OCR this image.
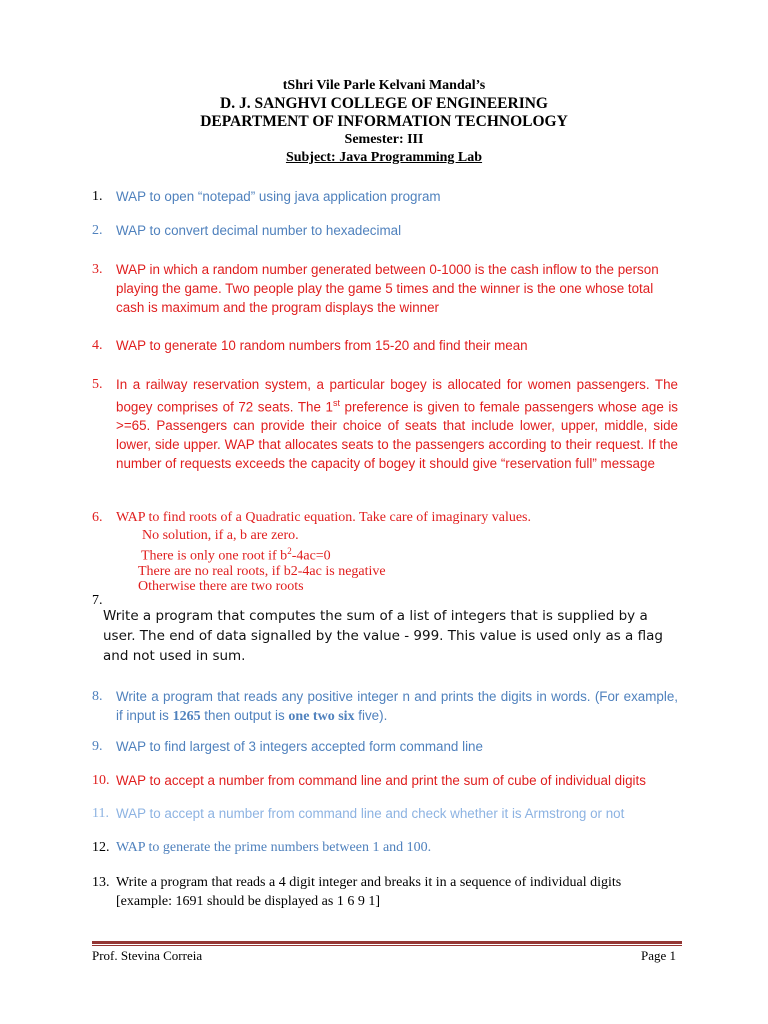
tShri Vile Parle Kelvani Mandal’s
D. J. SANGHVI COLLEGE OF ENGINEERING
DEPARTMENT OF INFORMATION TECHNOLOGY
Semester: III
Subject: Java Programming Lab
1.	WAP to open “notepad” using java application program
2.	WAP to convert decimal number to hexadecimal
3.	WAP in which a random number generated between 0-1000 is the cash inflow to the person playing the game. Two people play the game 5 times and the winner is the one whose total cash is maximum and the program displays the winner
4.	WAP to generate 10 random numbers from 15-20 and find their mean
5.	In a railway reservation system, a particular bogey is allocated for women passengers. The bogey comprises of 72 seats. The 1st preference is given to female passengers whose age is >=65. Passengers can provide their choice of seats that include lower, upper, middle, side lower, side upper. WAP that allocates seats to the passengers according to their request. If the number of requests exceeds the capacity of bogey it should give “reservation full” message
6. WAP to find roots of a Quadratic equation. Take care of imaginary values.
No solution, if a, b are zero.
There is only one root if $b^2-4ac=0$
There are no real roots, if b2-4ac is negative
Otherwise there are two roots
7.
Write a program that computes the sum of a list of integers that is supplied by a user. The end of data signalled by the value - 999. This value is used only as a flag and not used in sum.
8.	Write a program that reads any positive integer n and prints the digits in words. (For example, if input is 1265 then output is one two six five).
9.	WAP to find largest of 3 integers accepted form command line
10. WAP to accept a number from command line and print the sum of cube of individual digits
11. WAP to accept a number from command line and check whether it is Armstrong or not
12. WAP to generate the prime numbers between 1 and 100.
13. Write a program that reads a 4 digit integer and breaks it in a sequence of individual digits [example: 1691 should be displayed as 1 6 9 1]
Prof. Stevina Correia	Page 1
